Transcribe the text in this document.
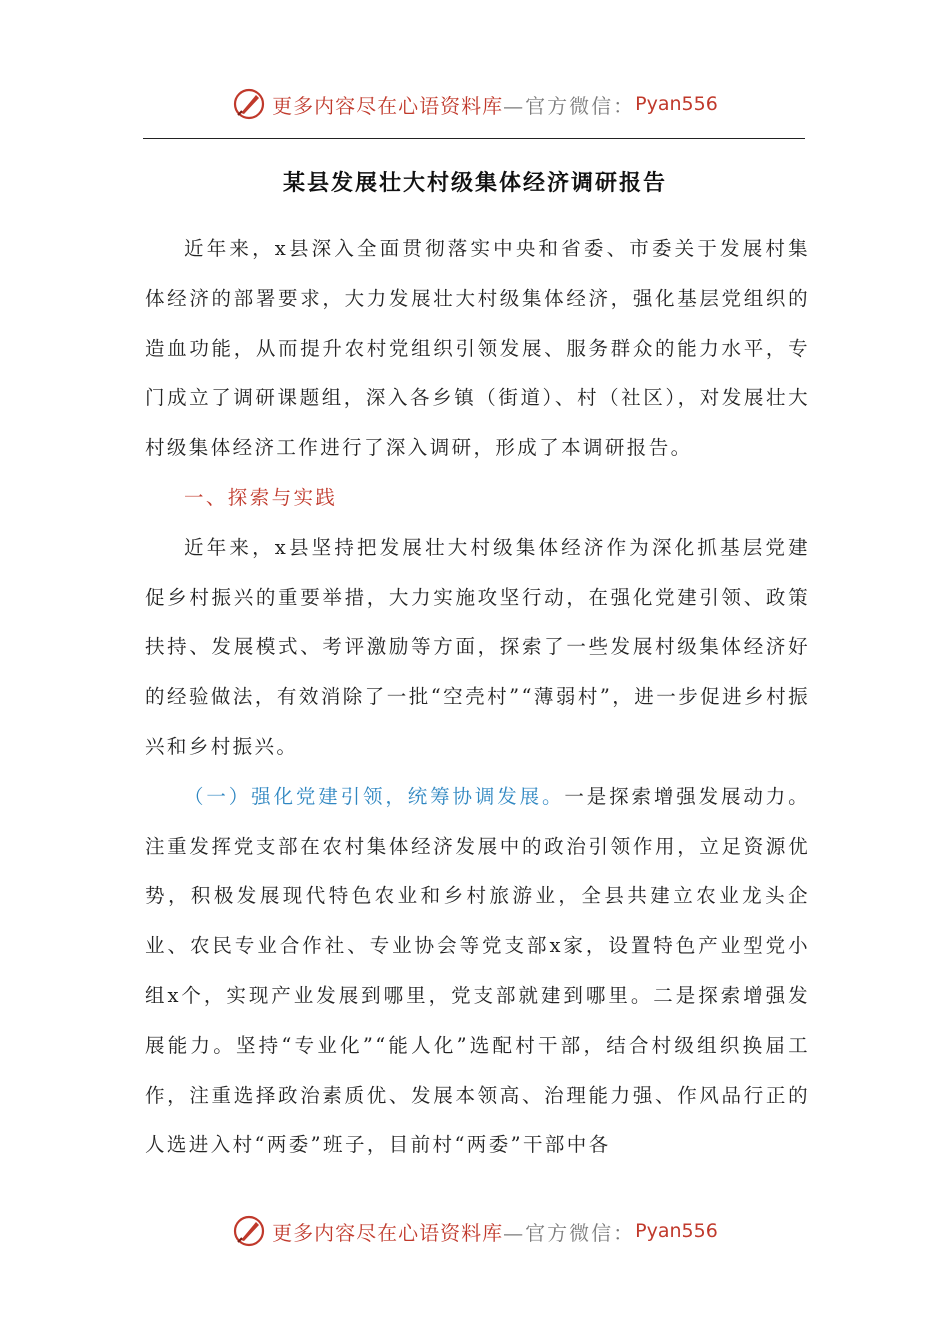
更多内容尽在心语资料库 —官方微信： Pyan556
某县发展壮大村级集体经济调研报告

近年来，x县深入全面贯彻落实中央和省委、市委关于发展村集体经济的部署要求，大力发展壮大村级集体经济，强化基层党组织的造血功能，从而提升农村党组织引领发展、服务群众的能力水平，专门成立了调研课题组，深入各乡镇（街道）、村（社区），对发展壮大村级集体经济工作进行了深入调研，形成了本调研报告。

一、探索与实践

近年来，x县坚持把发展壮大村级集体经济作为深化抓基层党建促乡村振兴的重要举措，大力实施攻坚行动，在强化党建引领、政策扶持、发展模式、考评激励等方面，探索了一些发展村级集体经济好的经验做法，有效消除了一批“空壳村”“薄弱村”，进一步促进乡村振兴和乡村振兴。

（一）强化党建引领，统筹协调发展。一是探索增强发展动力。注重发挥党支部在农村集体经济发展中的政治引领作用，立足资源优势，积极发展现代特色农业和乡村旅游业，全县共建立农业龙头企业、农民专业合作社、专业协会等党支部x家，设置特色产业型党小组x个，实现产业发展到哪里，党支部就建到哪里。二是探索增强发展能力。坚持“专业化”“能人化”选配村干部，结合村级组织换届工作，注重选择政治素质优、发展本领高、治理能力强、作风品行正的人选进入村“两委”班子，目前村“两委”干部中各

更多内容尽在心语资料库 —官方微信： Pyan556
